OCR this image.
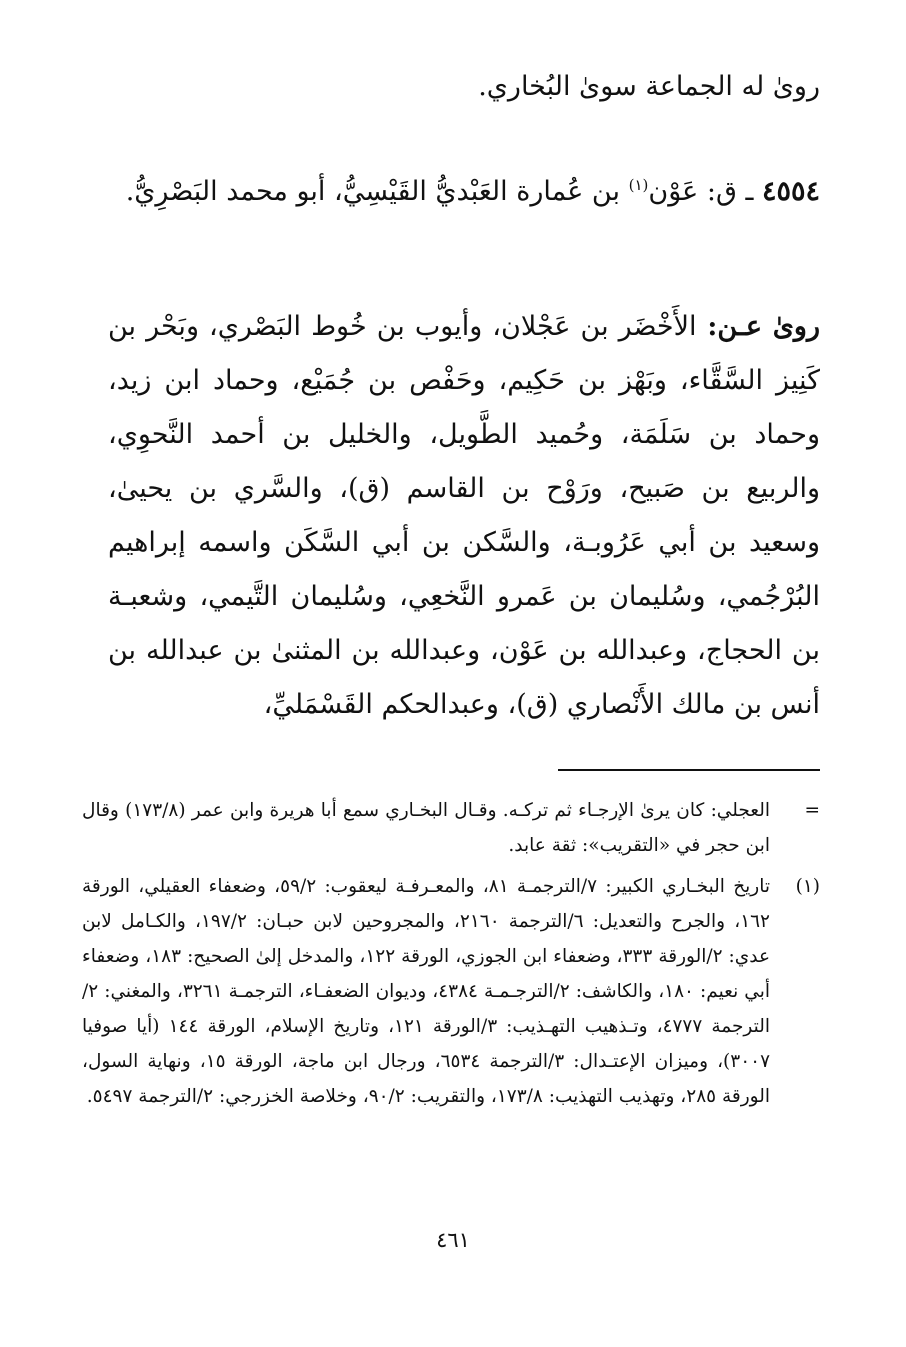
روىٰ له الجماعة سوىٰ البُخاري.

٤٥٥٤ ـ ق: عَوْن$^{(١)}$ بن عُمارة العَبْديُّ القَيْسِيُّ، أبو محمد البَصْرِيُّ.

روىٰ عـن: الأَخْضَر بن عَجْلان، وأيوب بن خُوط البَصْري، وبَحْر بن كَنِيز السَّقَّاء، وبَهْز بن حَكِيم، وحَفْص بن جُمَيْع، وحماد ابن زيد، وحماد بن سَلَمَة، وحُميد الطَّويل، والخليل بن أحمد النَّحوِي، والربيع بن صَبيح، ورَوْح بن القاسم (ق)، والسَّري بن يحيىٰ، وسعيد بن أبي عَرُوبـة، والسَّكن بن أبي السَّكَن واسمه إبراهيم البُرْجُمي، وسُليمان بن عَمرو النَّخعِي، وسُليمان التَّيمي، وشعبـة بن الحجاج، وعبدالله بن عَوْن، وعبدالله بن المثنىٰ بن عبدالله بن أنس بن مالك الأَنْصاري (ق)، وعبدالحكم القَسْمَليِّ،

=
العجلي: كان يرىٰ الإرجـاء ثم تركـه. وقـال البخـاري سمع أبا هريرة وابن عمر (١٧٣/٨) وقال ابن حجر في «التقريب»: ثقة عابد.
(١)
تاريخ البخـاري الكبير: ٧/الترجمـة ٨١، والمعـرفـة ليعقوب: ٥٩/٢، وضعفاء العقيلي، الورقة ١٦٢، والجرح والتعديل: ٦/الترجمة ٢١٦٠، والمجروحين لابن حبـان: ١٩٧/٢، والكـامل لابن عدي: ٢/الورقة ٣٣٣، وضعفاء ابن الجوزي، الورقة ١٢٢، والمدخل إلىٰ الصحيح: ١٨٣، وضعفاء أبي نعيم: ١٨٠، والكاشف: ٢/الترجـمـة ٤٣٨٤، وديوان الضعفـاء، الترجمـة ٣٢٦١، والمغني: ٢/الترجمة ٤٧٧٧، وتـذهيب التهـذيب: ٣/الورقة ١٢١، وتاريخ الإسلام، الورقة ١٤٤ (أيا صوفيا ٣٠٠٧)، وميزان الإعتـدال: ٣/الترجمة ٦٥٣٤، ورجال ابن ماجة، الورقة ١٥، ونهاية السول، الورقة ٢٨٥، وتهذيب التهذيب: ١٧٣/٨، والتقريب: ٩٠/٢، وخلاصة الخزرجي: ٢/الترجمة ٥٤٩٧.
٤٦١
